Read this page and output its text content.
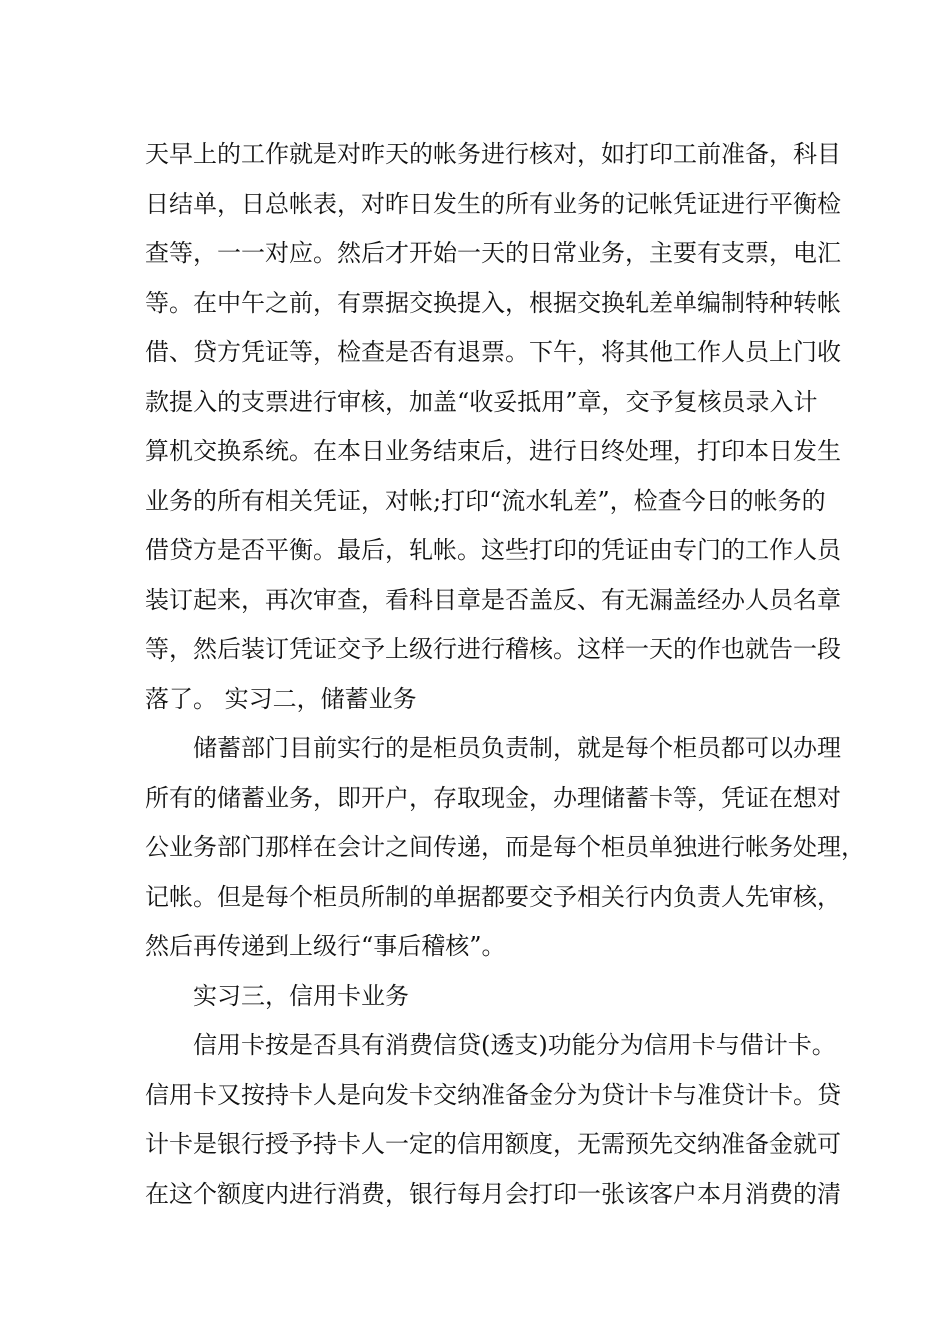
天早上的工作就是对昨天的帐务进行核对，如打印工前准备，科目
日结单，日总帐表，对昨日发生的所有业务的记帐凭证进行平衡检
查等，一一对应。然后才开始一天的日常业务，主要有支票，电汇
等。在中午之前，有票据交换提入，根据交换轧差单编制特种转帐
借、贷方凭证等，检查是否有退票。下午，将其他工作人员上门收
款提入的支票进行审核，加盖“收妥抵用”章，交予复核员录入计
算机交换系统。在本日业务结束后，进行日终处理，打印本日发生
业务的所有相关凭证，对帐;打印“流水轧差”，检查今日的帐务的
借贷方是否平衡。最后，轧帐。这些打印的凭证由专门的工作人员
装订起来，再次审查，看科目章是否盖反、有无漏盖经办人员名章
等，然后装订凭证交予上级行进行稽核。这样一天的作也就告一段
落了。 实习二，储蓄业务
储蓄部门目前实行的是柜员负责制，就是每个柜员都可以办理
所有的储蓄业务，即开户，存取现金，办理储蓄卡等，凭证在想对
公业务部门那样在会计之间传递，而是每个柜员单独进行帐务处理，
记帐。但是每个柜员所制的单据都要交予相关行内负责人先审核，
然后再传递到上级行“事后稽核”。
实习三，信用卡业务
信用卡按是否具有消费信贷(透支)功能分为信用卡与借计卡。
信用卡又按持卡人是向发卡交纳准备金分为贷计卡与准贷计卡。贷
计卡是银行授予持卡人一定的信用额度，无需预先交纳准备金就可
在这个额度内进行消费，银行每月会打印一张该客户本月消费的清
